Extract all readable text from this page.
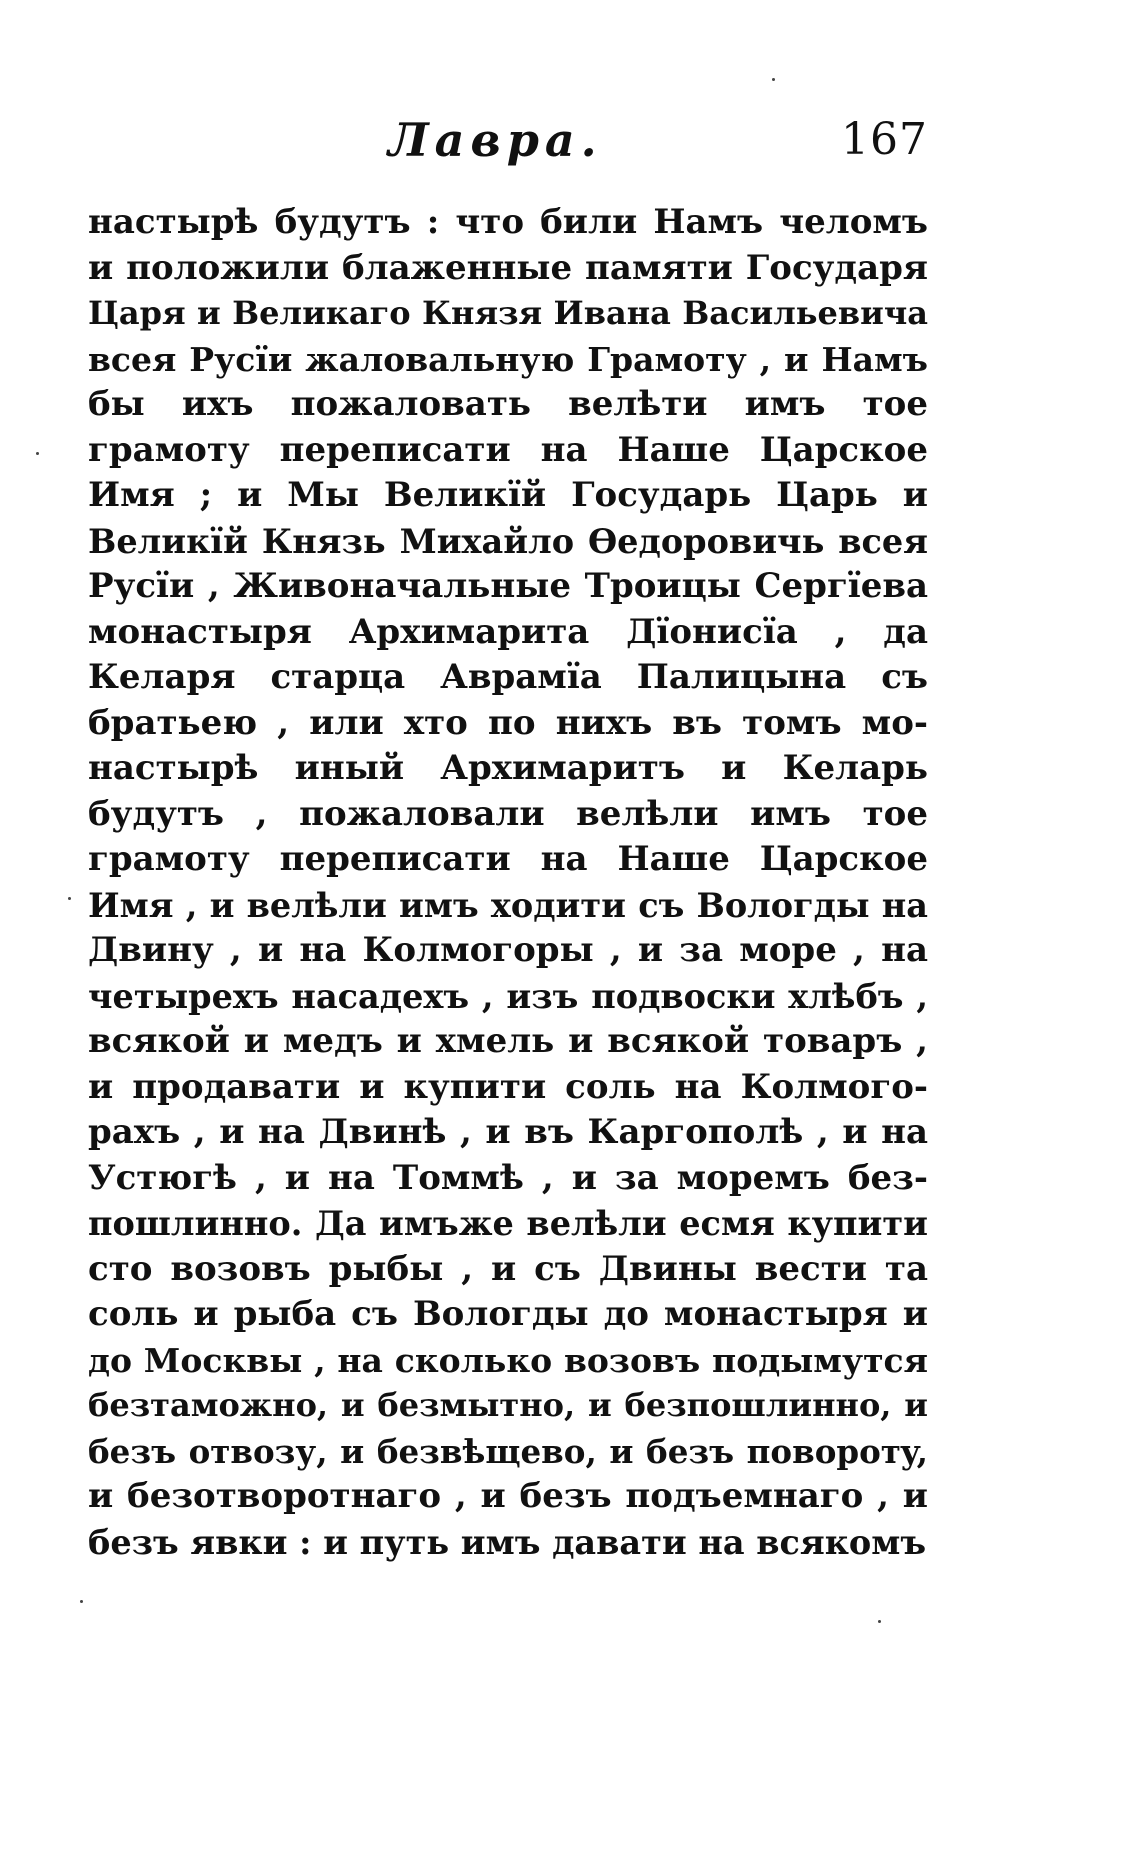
Лавра.	167
настырѣ будутъ : что били Намъ челомъ
и положили блаженные памяти Государя
Царя и Великаго Князя Ивана Васильевича
всея Русїи жаловальную Грамоту , и Намъ
бы ихъ пожаловать велѣти имъ тое
грамоту переписати на Наше Царское
Имя ; и Мы Великїй Государь Царь и
Великїй Князь Михайло Ѳедоровичь всея
Русїи , Живоначальные Троицы Сергїева
монастыря Архимарита Дїонисїа , да
Келаря старца Аврамїа Палицына съ
братьею , или хто по нихъ въ томъ мо-
настырѣ иный Архимаритъ и Келарь
будутъ , пожаловали велѣли имъ тое
грамоту переписати на Наше Царское
Имя , и велѣли имъ ходити съ Вологды на
Двину , и на Колмогоры , и за море , на
четырехъ насадехъ , изъ подвоски хлѣбъ ,
всякой и медъ и хмель и всякой товаръ ,
и продавати и купити соль на Колмого-
рахъ , и на Двинѣ , и въ Каргополѣ , и на
Устюгѣ , и на Томмѣ , и за моремъ без-
пошлинно. Да имъже велѣли есмя купити
сто возовъ рыбы , и съ Двины вести та
соль и рыба съ Вологды до монастыря и
до Москвы , на сколько возовъ подымутся
безтаможно, и безмытно, и безпошлинно, и
безъ отвозу, и безвѣщево, и безъ поворотy,
и безотворотнаго , и безъ подъемнаго , и
безъ явки : и путь имъ давати на всякомъ
